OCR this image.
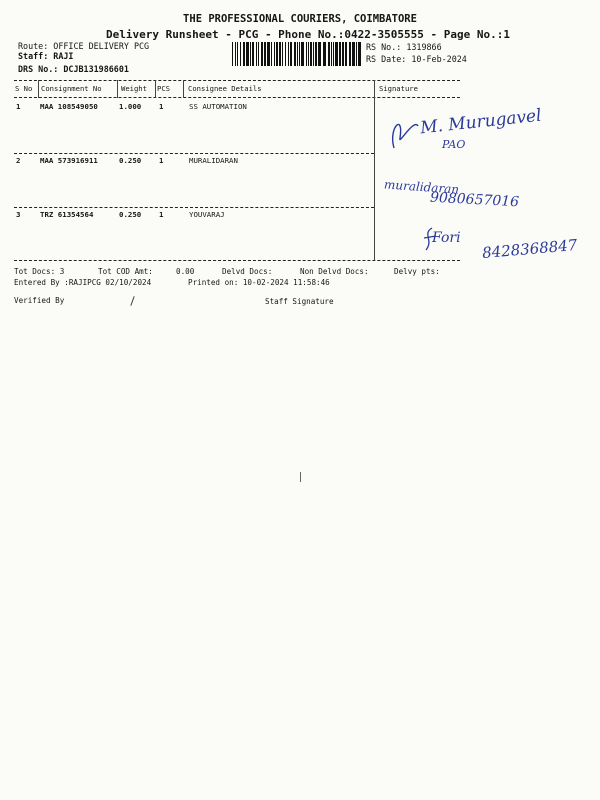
THE PROFESSIONAL COURIERS, COIMBATORE
Delivery Runsheet - PCG - Phone No.:0422-3505555 - Page No.:1
Route: OFFICE DELIVERY PCG
Staff: RAJI
DRS No.: DCJB131986601
RS No.: 1319866
RS Date: 10-Feb-2024
S No Consignment No	Weight PCS	Consignee Details	Signature
1	MAA 108549050	1.000 1	SS AUTOMATION	M. Murugavel
PAO
2	MAA 573916911	0.250 1	MURALIDARAN
muralidaran
9080657016
3	TRZ 61354564	0.250 1	YOUVARAJ
Fori 8428368847
Tot Docs: 3	Tot COD Amt:	0.00	Delvd Docs:	Non Delvd Docs:	Delvy pts:
Entered By :RAJIPCG 02/10/2024	Printed on: 10-02-2024 11:58:46
Verified By	Staff Signature
